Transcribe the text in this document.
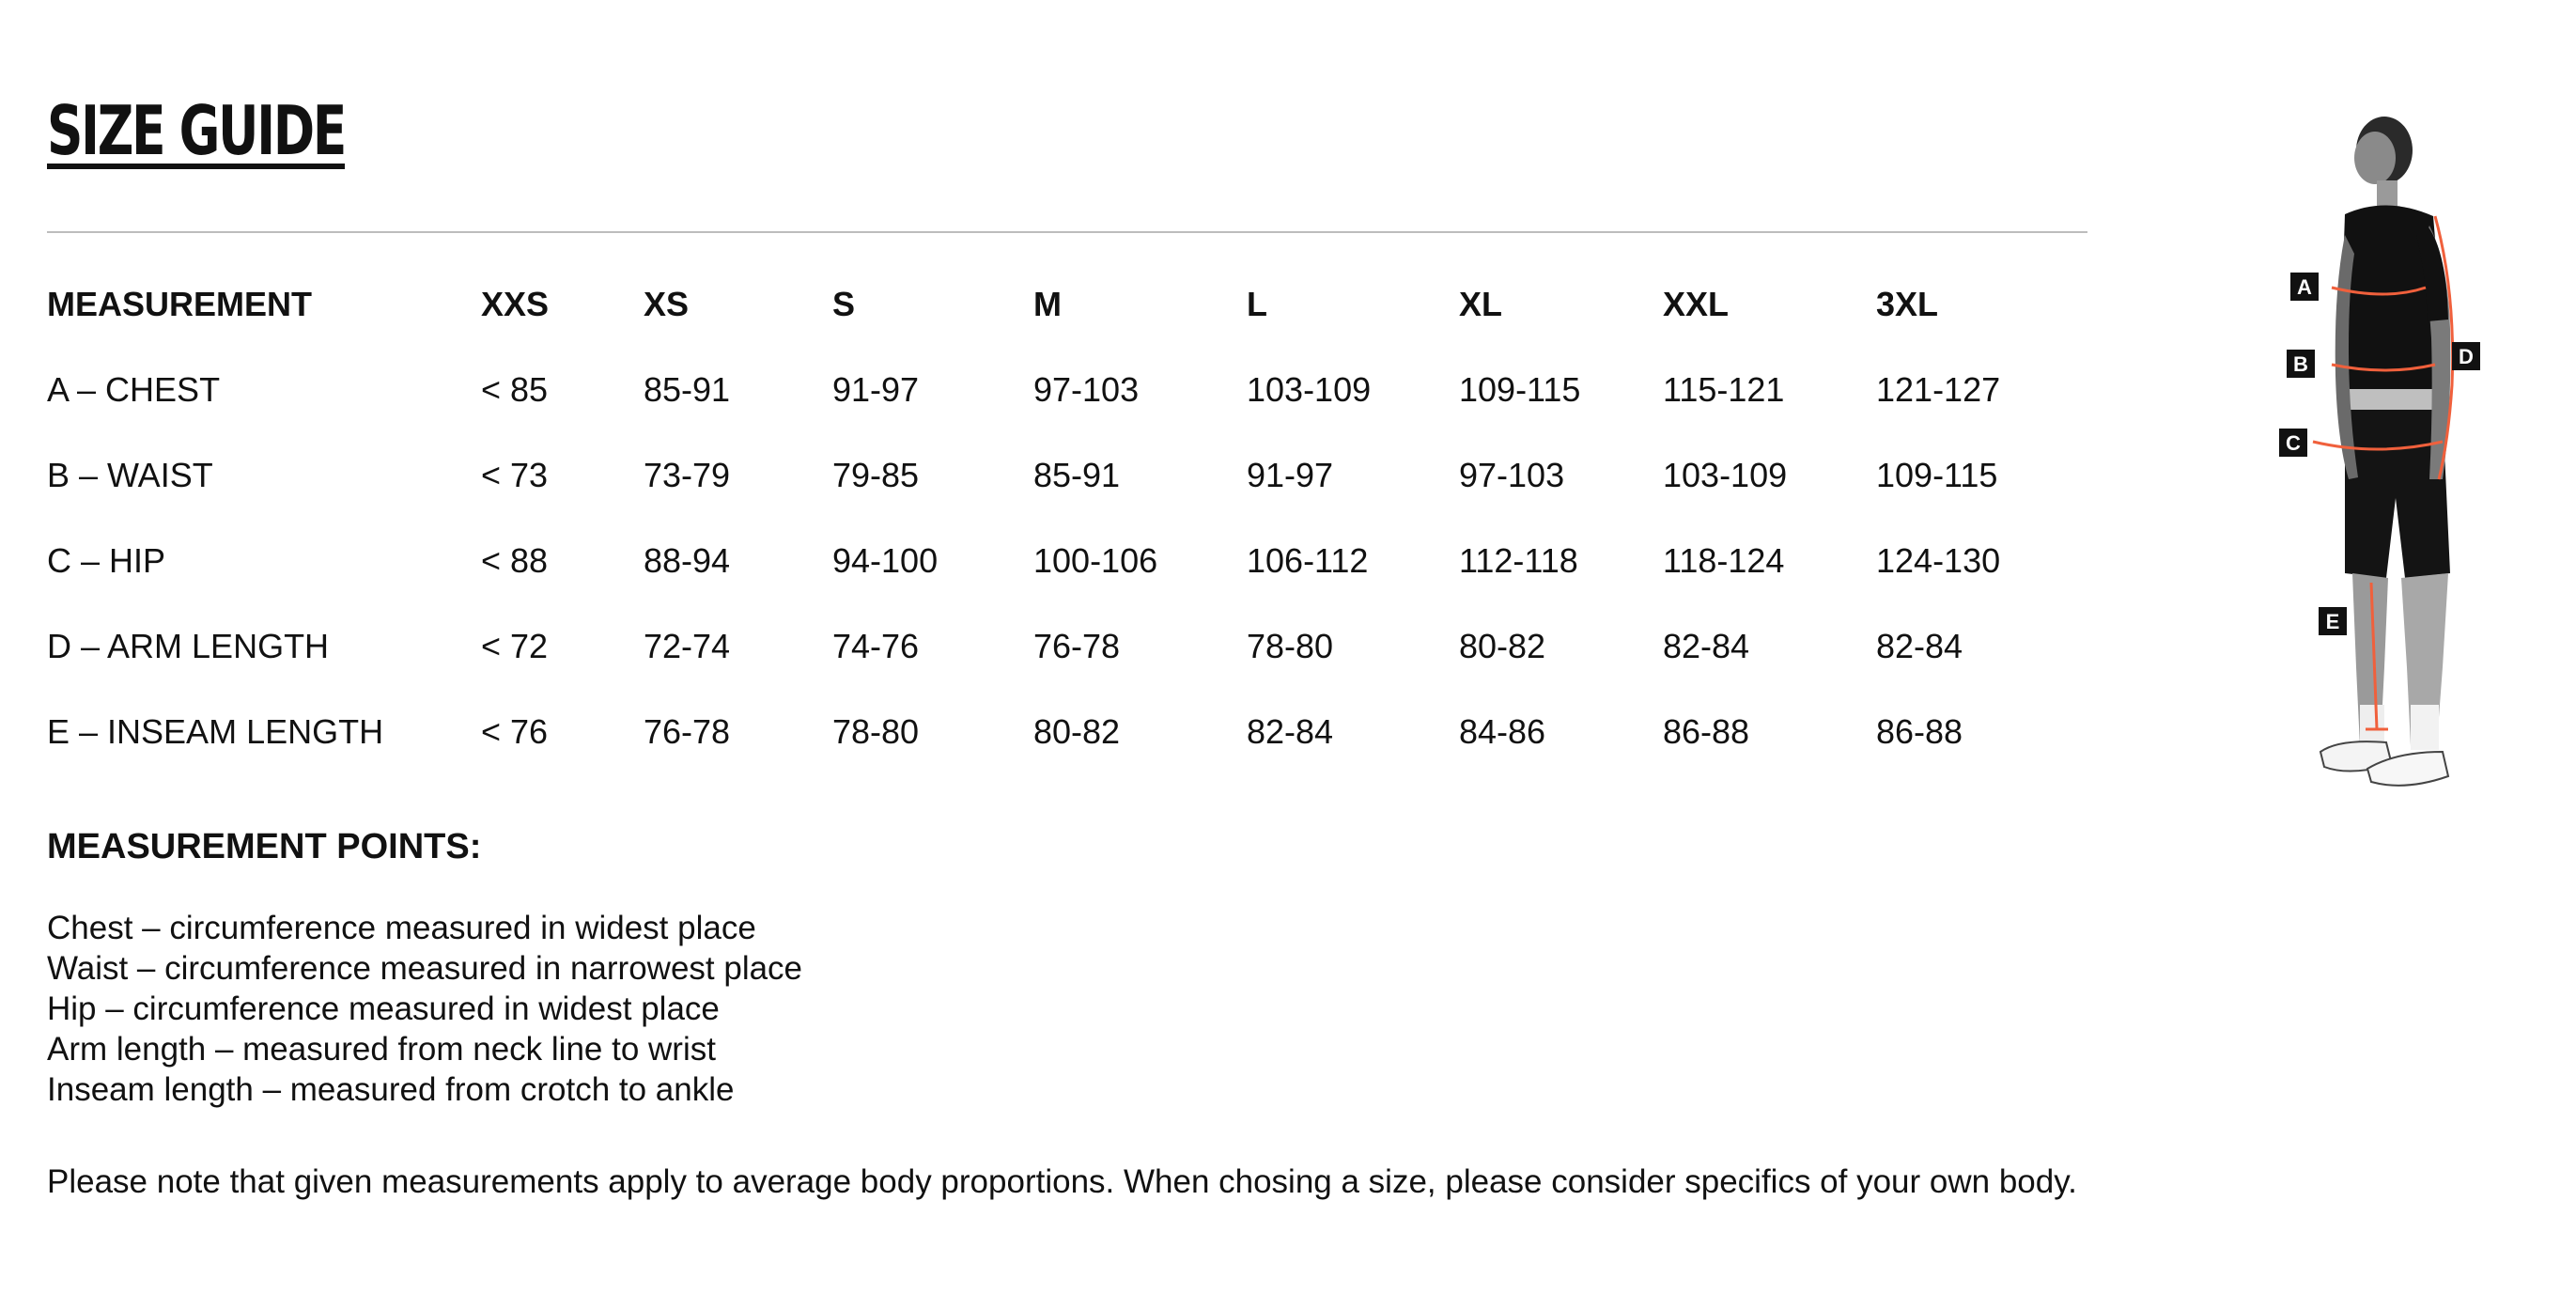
SIZE GUIDE
MEASUREMENT	XXS	XS	S	M	L	XL	XXL	3XL
A – CHEST	< 85	85-91	91-97	97-103	103-109	109-115 115-121	121-127
B – WAIST	< 73	73-79	79-85	85-91	91-97	97-103	103-109	109-115
C – HIP	< 88	88-94	94-100	100-106	106-112	112-118	118-124	124-130
D – ARM LENGTH	< 72	72-74	74-76	76-78	78-80	80-82	82-84	82-84
E – INSEAM LENGTH	< 76	76-78	78-80	80-82	82-84	84-86	86-88	86-88
MEASUREMENT POINTS:
Chest – circumference measured in widest place
Waist – circumference measured in narrowest place
Hip – circumference measured in widest place
Arm length – measured from neck line to wrist
Inseam length – measured from crotch to ankle
Please note that given measurements apply to average body proportions. When chosing a size, please consider specifics of your own body.
A
B
C
D
E
